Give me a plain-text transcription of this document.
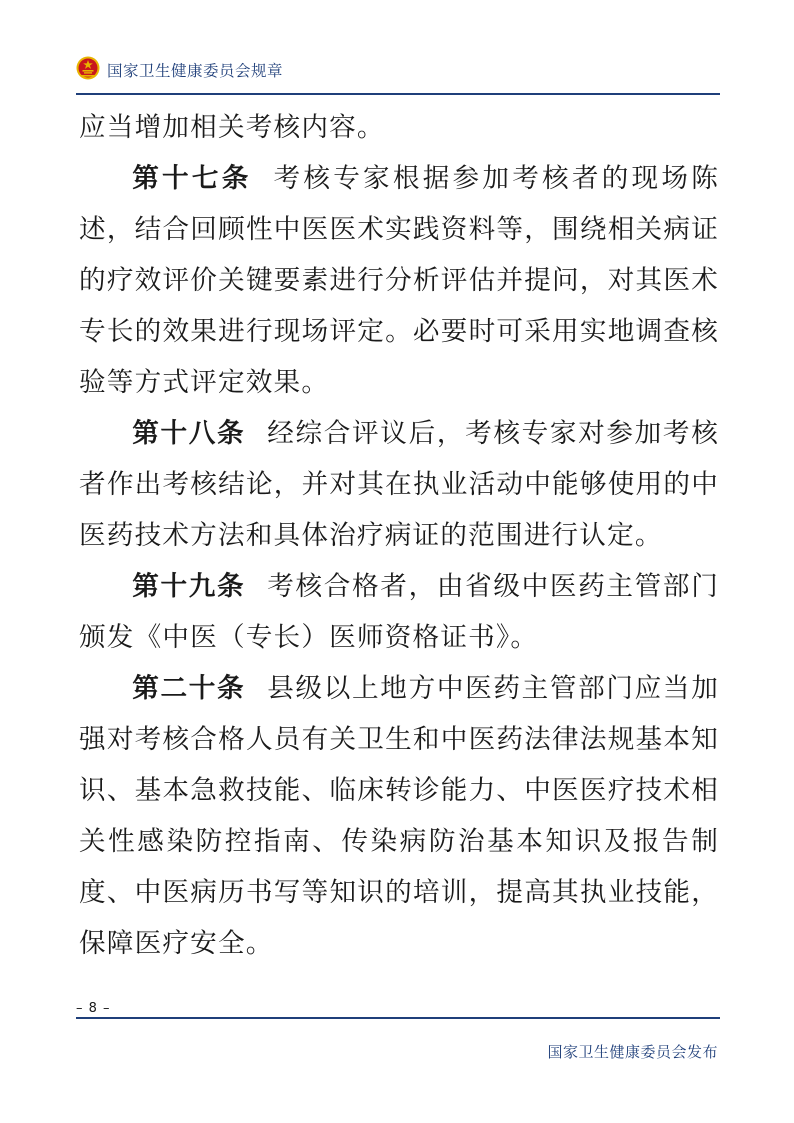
国家卫生健康委员会规章

应当增加相关考核内容。

第十七条 考核专家根据参加考核者的现场陈述，结合回顾性中医医术实践资料等，围绕相关病证的疗效评价关键要素进行分析评估并提问，对其医术专长的效果进行现场评定。必要时可采用实地调查核验等方式评定效果。

第十八条 经综合评议后，考核专家对参加考核者作出考核结论，并对其在执业活动中能够使用的中医药技术方法和具体治疗病证的范围进行认定。

第十九条 考核合格者，由省级中医药主管部门颁发《中医（专长）医师资格证书》。

第二十条 县级以上地方中医药主管部门应当加强对考核合格人员有关卫生和中医药法律法规基本知识、基本急救技能、临床转诊能力、中医医疗技术相关性感染防控指南、传染病防治基本知识及报告制度、中医病历书写等知识的培训，提高其执业技能，保障医疗安全。

– 8 –
国家卫生健康委员会发布
